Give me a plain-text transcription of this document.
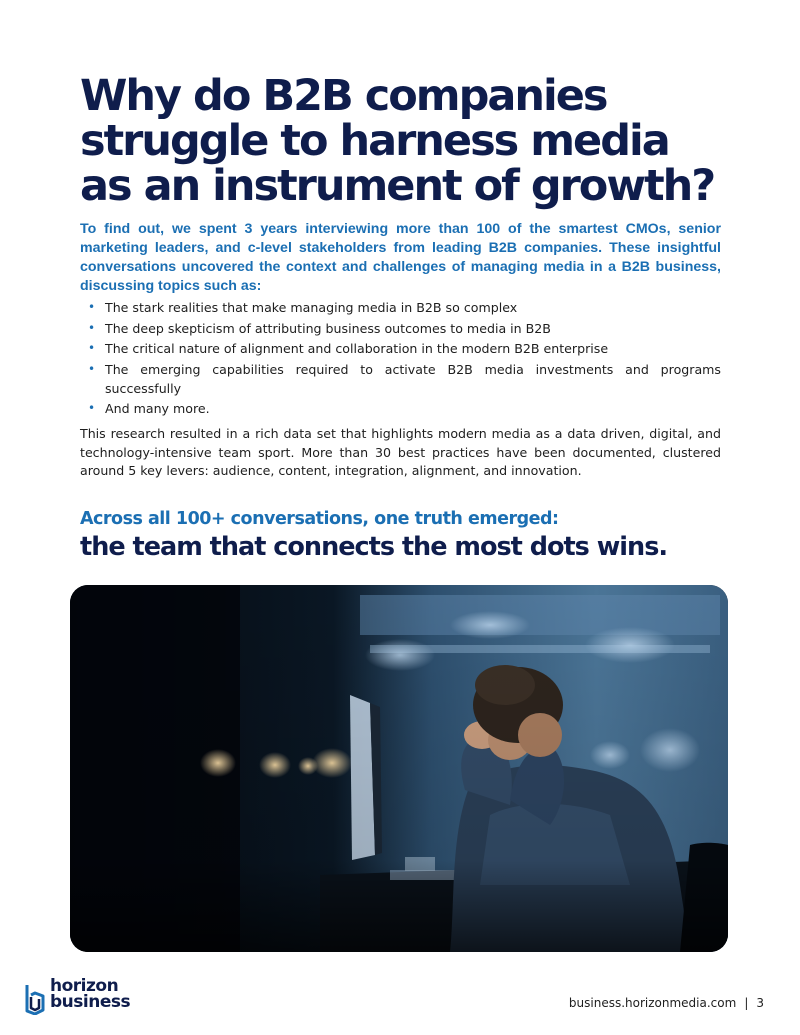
Why do B2B companies
struggle to harness media
as an instrument of growth?

To find out, we spent 3 years interviewing more than 100 of the smartest CMOs, senior marketing leaders, and c-level stakeholders from leading B2B companies. These insightful conversations uncovered the context and challenges of managing media in a B2B business, discussing topics such as:

• The stark realities that make managing media in B2B so complex
• The deep skepticism of attributing business outcomes to media in B2B
• The critical nature of alignment and collaboration in the modern B2B enterprise
• The emerging capabilities required to activate B2B media investments and programs successfully
• And many more.

This research resulted in a rich data set that highlights modern media as a data driven, digital, and technology-intensive team sport. More than 30 best practices have been documented, clustered around 5 key levers: audience, content, integration, alignment, and innovation.

Across all 100+ conversations, one truth emerged:

the team that connects the most dots wins.

horizon
business	business.horizonmedia.com | 3
